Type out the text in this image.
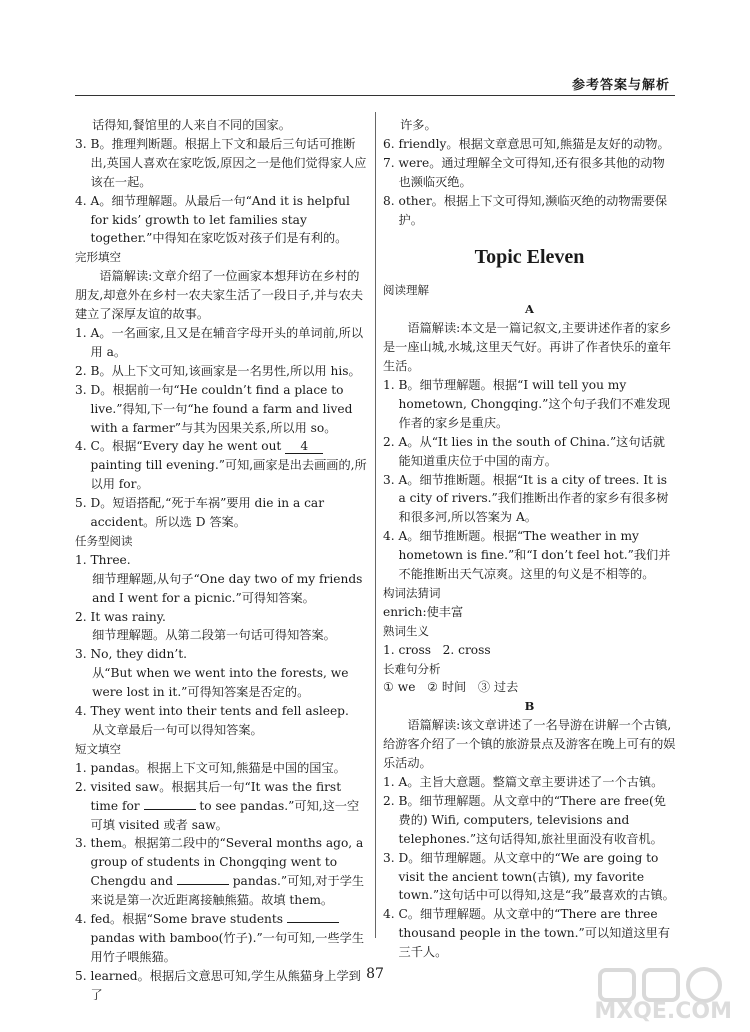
参考答案与解析
话得知,餐馆里的人来自不同的国家。
3. B。推理判断题。根据上下文和最后三句话可推断出,英国人喜欢在家吃饭,原因之一是他们觉得家人应该在一起。
4. A。细节理解题。从最后一句“And it is helpful for kids’ growth to let families stay together.”中得知在家吃饭对孩子们是有利的。
完形填空
语篇解读:文章介绍了一位画家本想拜访在乡村的朋友,却意外在乡村一农夫家生活了一段日子,并与农夫建立了深厚友谊的故事。
1. A。一名画家,且又是在辅音字母开头的单词前,所以用 a。
2. B。从上下文可知,该画家是一名男性,所以用 his。
3. D。根据前一句“He couldn’t find a place to live.”得知,下一句“he found a farm and lived with a farmer”与其为因果关系,所以用 so。
4. C。根据“Every day he went out 4 painting till evening.”可知,画家是出去画画的,所以用 for。
5. D。短语搭配,“死于车祸”要用 die in a car accident。所以选 D 答案。
任务型阅读
1. Three.
细节理解题,从句子“One day two of my friends and I went for a picnic.”可得知答案。
2. It was rainy.
细节理解题。从第二段第一句话可得知答案。
3. No, they didn’t.
从“But when we went into the forests, we were lost in it.”可得知答案是否定的。
4. They went into their tents and fell asleep.
从文章最后一句可以得知答案。
短文填空
1. pandas。根据上下文可知,熊猫是中国的国宝。
2. visited saw。根据其后一句“It was the first time for	to see pandas.”可知,这一空可填 visited 或者 saw。
3. them。根据第二段中的“Several months ago, a group of students in Chongqing went to Chengdu and	pandas.”可知,对于学生来说是第一次近距离接触熊猫。故填 them。
4. fed。根据“Some brave students  pandas with bamboo(竹子).”一句可知,一些学生用竹子喂熊猫。
5. learned。根据后文意思可知,学生从熊猫身上学到了
许多。
6. friendly。根据文章意思可知,熊猫是友好的动物。
7. were。通过理解全文可得知,还有很多其他的动物也濒临灭绝。
8. other。根据上下文可得知,濒临灭绝的动物需要保护。
Topic Eleven
阅读理解
A
语篇解读:本文是一篇记叙文,主要讲述作者的家乡是一座山城,水城,这里天气好。再讲了作者快乐的童年生活。
1. B。细节理解题。根据“I will tell you my hometown, Chongqing.”这个句子我们不难发现作者的家乡是重庆。
2. A。从“It lies in the south of China.”这句话就能知道重庆位于中国的南方。
3. A。细节推断题。根据“It is a city of trees. It is a city of rivers.”我们推断出作者的家乡有很多树和很多河,所以答案为 A。
4. A。细节推断题。根据“The weather in my hometown is fine.”和“I don’t feel hot.”我们并不能推断出天气凉爽。这里的句义是不相等的。
构词法猜词
enrich:使丰富
熟词生义
1. cross   2. cross
长难句分析
① we   ② 时间   ③ 过去
B
语篇解读:该文章讲述了一名导游在讲解一个古镇,给游客介绍了一个镇的旅游景点及游客在晚上可有的娱乐活动。
1. A。主旨大意题。整篇文章主要讲述了一个古镇。
2. B。细节理解题。从文章中的“There are free(免费的) Wifi, computers, televisions and telephones.”这句话得知,旅社里面没有收音机。
3. D。细节理解题。从文章中的“We are going to visit the ancient town(古镇), my favorite town.”这句话中可以得知,这是“我”最喜欢的古镇。
4. C。细节理解题。从文章中的“There are three thousand people in the town.”可以知道这里有三千人。
87
MXQE.COM
